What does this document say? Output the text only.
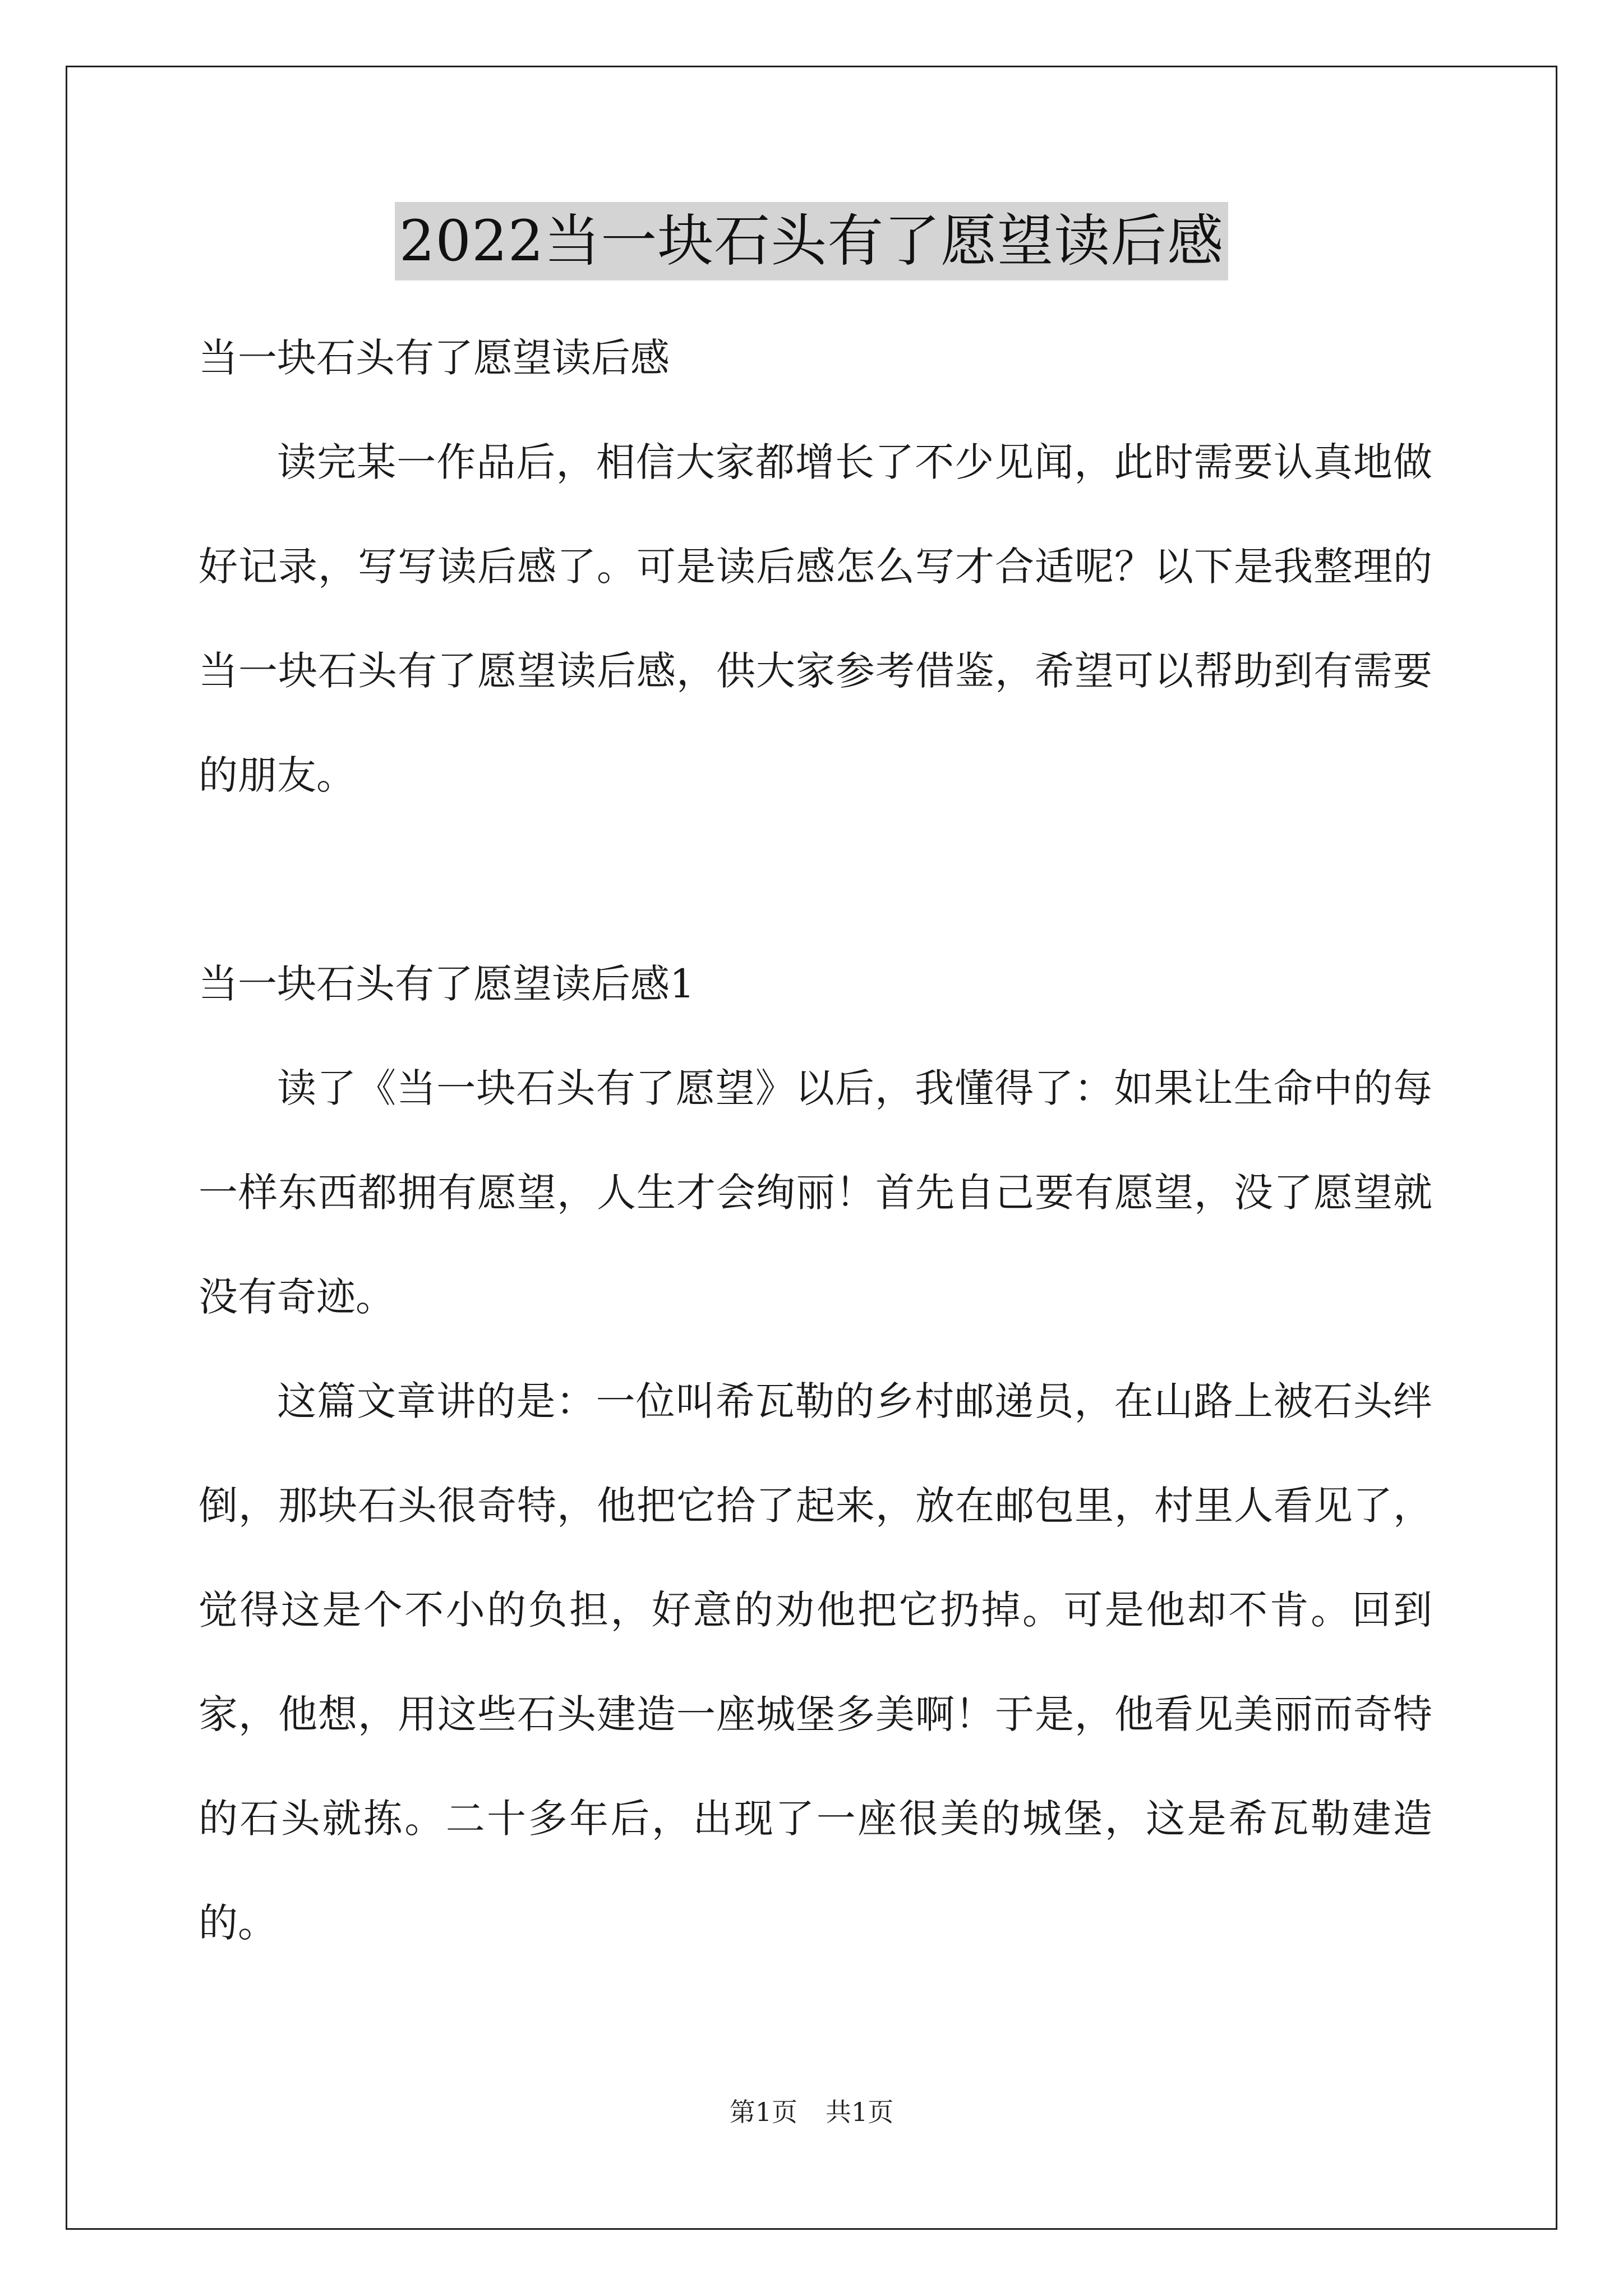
2022当一块石头有了愿望读后感
当一块石头有了愿望读后感

读完某一作品后，相信大家都增长了不少见闻，此时需要认真地做好记录，写写读后感了。可是读后感怎么写才合适呢？以下是我整理的当一块石头有了愿望读后感，供大家参考借鉴，希望可以帮助到有需要的朋友。

当一块石头有了愿望读后感1

读了《当一块石头有了愿望》以后，我懂得了：如果让生命中的每一样东西都拥有愿望，人生才会绚丽！首先自己要有愿望，没了愿望就没有奇迹。

这篇文章讲的是：一位叫希瓦勒的乡村邮递员，在山路上被石头绊倒，那块石头很奇特，他把它拾了起来，放在邮包里，村里人看见了，觉得这是个不小的负担，好意的劝他把它扔掉。可是他却不肯。回到家，他想，用这些石头建造一座城堡多美啊！于是，他看见美丽而奇特的石头就拣。二十多年后，出现了一座很美的城堡，这是希瓦勒建造的。

第1页 共1页
